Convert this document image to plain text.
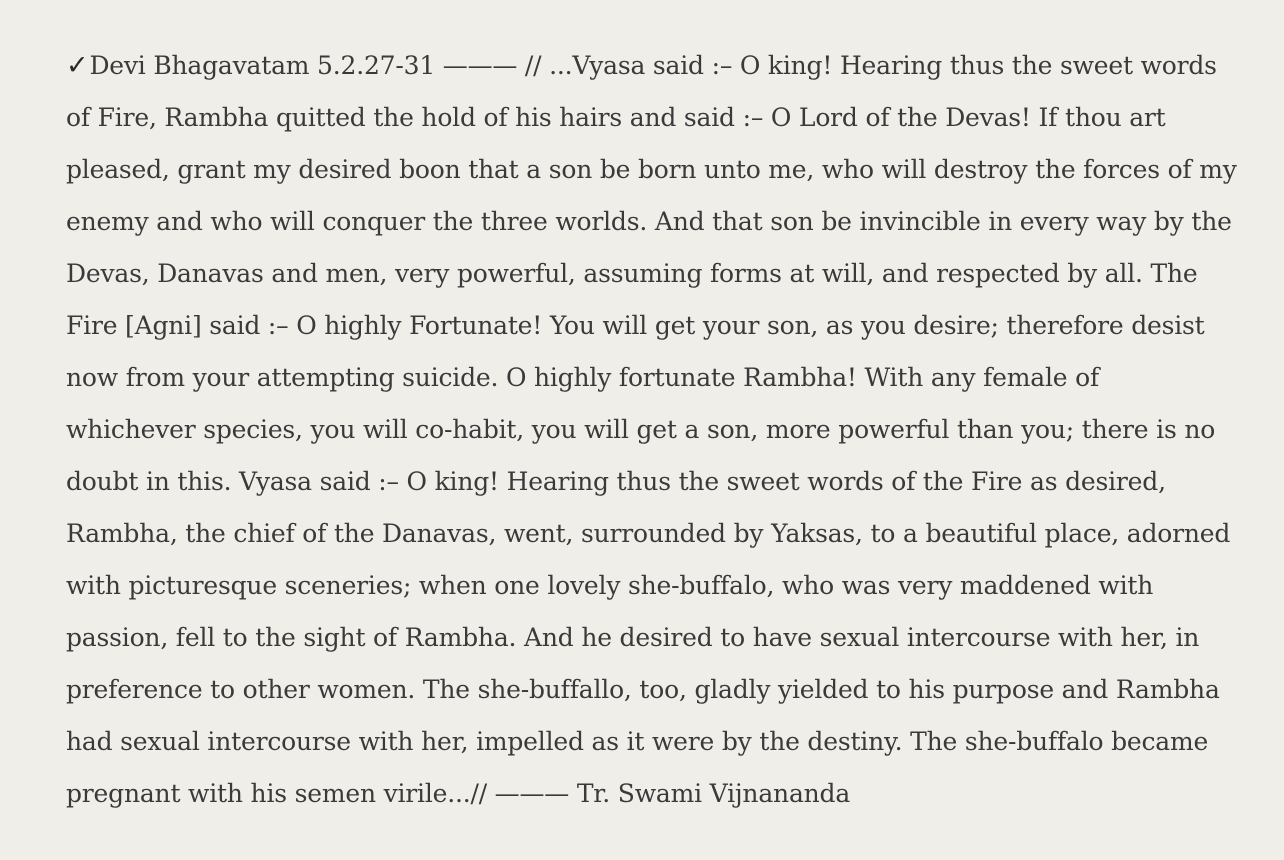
✓Devi Bhagavatam 5.2.27-31 ——— // ...Vyasa said :– O king! Hearing thus the sweet words
of Fire, Rambha quitted the hold of his hairs and said :– O Lord of the Devas! If thou art
pleased, grant my desired boon that a son be born unto me, who will destroy the forces of my
enemy and who will conquer the three worlds. And that son be invincible in every way by the
Devas, Danavas and men, very powerful, assuming forms at will, and respected by all. The
Fire [Agni] said :– O highly Fortunate! You will get your son, as you desire; therefore desist
now from your attempting suicide. O highly fortunate Rambha! With any female of
whichever species, you will co-habit, you will get a son, more powerful than you; there is no
doubt in this. Vyasa said :– O king! Hearing thus the sweet words of the Fire as desired,
Rambha, the chief of the Danavas, went, surrounded by Yaksas, to a beautiful place, adorned
with picturesque sceneries; when one lovely she-buffalo, who was very maddened with
passion, fell to the sight of Rambha. And he desired to have sexual intercourse with her, in
preference to other women. The she-buffallo, too, gladly yielded to his purpose and Rambha
had sexual intercourse with her, impelled as it were by the destiny. The she-buffalo became
pregnant with his semen virile...// ——— Tr. Swami Vijnananda
